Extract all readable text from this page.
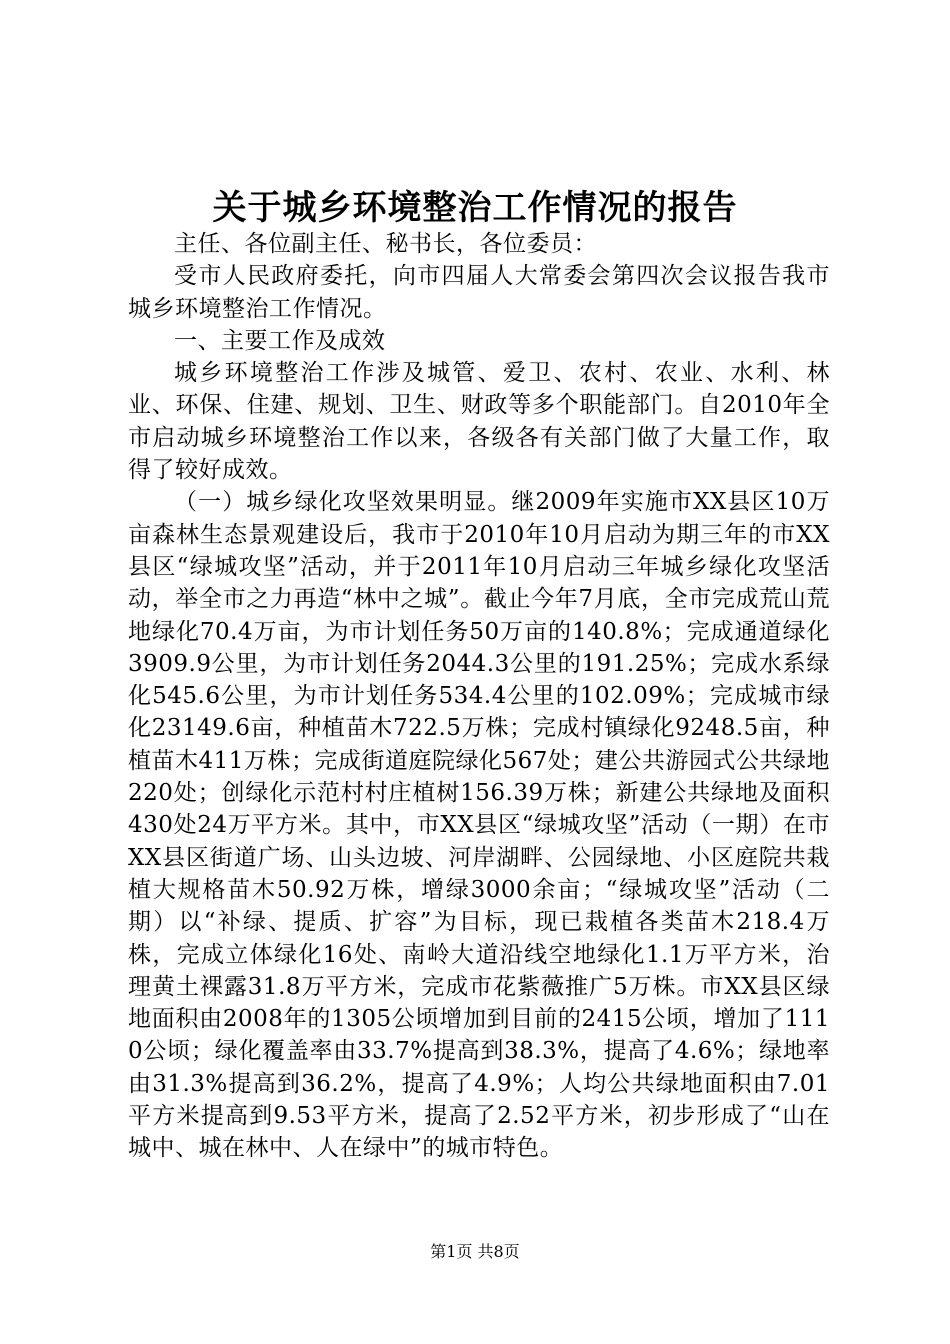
关于城乡环境整治工作情况的报告

主任、各位副主任、秘书长，各位委员：

受市人民政府委托，向市四届人大常委会第四次会议报告我市城乡环境整治工作情况。

一、主要工作及成效

城乡环境整治工作涉及城管、爱卫、农村、农业、水利、林业、环保、住建、规划、卫生、财政等多个职能部门。自2010年全市启动城乡环境整治工作以来，各级各有关部门做了大量工作，取得了较好成效。

（一）城乡绿化攻坚效果明显。继2009年实施市XX县区10万亩森林生态景观建设后，我市于2010年10月启动为期三年的市XX县区“绿城攻坚”活动，并于2011年10月启动三年城乡绿化攻坚活动，举全市之力再造“林中之城”。截止今年7月底，全市完成荒山荒地绿化70.4万亩，为市计划任务50万亩的140.8%；完成通道绿化3909.9公里，为市计划任务2044.3公里的191.25%；完成水系绿化545.6公里，为市计划任务534.4公里的102.09%；完成城市绿化23149.6亩，种植苗木722.5万株；完成村镇绿化9248.5亩，种植苗木411万株；完成街道庭院绿化567处；建公共游园式公共绿地220处；创绿化示范村村庄植树156.39万株；新建公共绿地及面积430处24万平方米。其中，市XX县区“绿城攻坚”活动（一期）在市XX县区街道广场、山头边坡、河岸湖畔、公园绿地、小区庭院共栽植大规格苗木50.92万株，增绿3000余亩；“绿城攻坚”活动（二期）以“补绿、提质、扩容”为目标，现已栽植各类苗木218.4万株，完成立体绿化16处、南岭大道沿线空地绿化1.1万平方米，治理黄土裸露31.8万平方米，完成市花紫薇推广5万株。市XX县区绿地面积由2008年的1305公顷增加到目前的2415公顷，增加了1110公顷；绿化覆盖率由33.7%提高到38.3%，提高了4.6%；绿地率由31.3%提高到36.2%，提高了4.9%；人均公共绿地面积由7.01平方米提高到9.53平方米，提高了2.52平方米，初步形成了“山在城中、城在林中、人在绿中”的城市特色。

第1页 共8页
